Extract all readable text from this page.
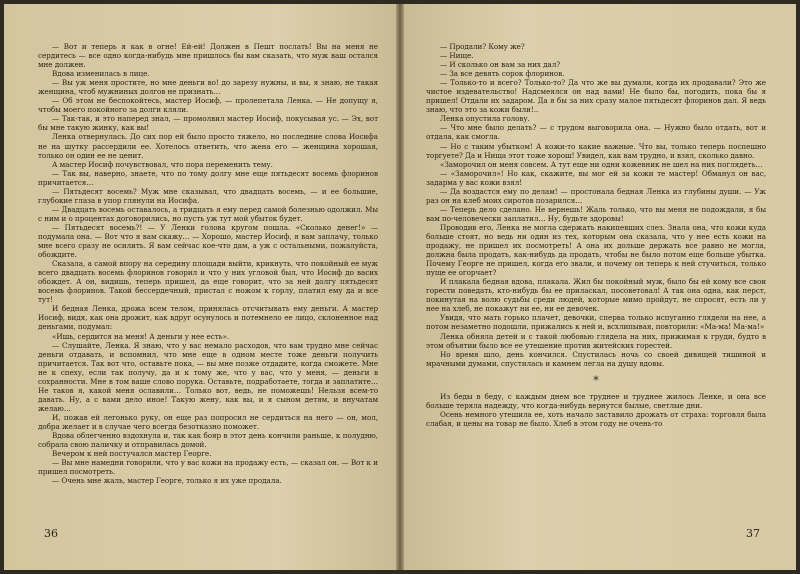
— Вот и теперь я как в огне! Ей-ей! Должен в Пешт послать! Вы на меня не сердитесь — все одно когда-нибудь мне пришлось бы вам сказать, что муж ваш остался мне должен.

Вдова изменилась в лице.

— Вы уж меня простите, но мне деньги во! до зарезу нужны, и вы, я знаю, не такая женщина, чтоб мужниных долгов не признать…

— Об этом не беспокойтесь, мастер Иосиф, — пролепетала Ленка. — Не допущу я, чтобы моего покойного за долги кляли.

— Так-так, и это наперед знал, — промолвил мастер Иосиф, покусывая ус. — Эх, вот бы мне такую жинку, как вы!

Ленка отвернулась. До сих пор ей было просто тяжело, но последние слова Иосифа не на шутку рассердили ее. Хотелось ответить, что жена его — женщина хорошая, только он один ее не ценит.

А мастер Иосиф почувствовал, что пора переменить тему.

— Так вы, наверно, знаете, что по тому долгу мне еще пятьдесят восемь флоринов причитается…

— Пятьдесят восемь? Муж мне сказывал, что двадцать восемь, — и ее большие, глубокие глаза в упор глянули на Иосифа.

— Двадцать восемь оставалось, а тридцать я ему перед самой болезнью одолжил. Мы с ним и о процентах договорились, но пусть уж тут мой убыток будет.

— Пятьдесят восемь?! — У Ленки голова кругом пошла. «Сколько денег!» — подумала она. — Вот что я вам скажу… — Хорошо, мастер Иосиф, я вам заплачу, только мне всего сразу не осилить. Я вам сейчас кое-что дам, а уж с остальными, пожалуйста, обождите.

Сказала, а самой впору на середину площади выйти, крикнуть, что покойный ее муж всего двадцать восемь флоринов говорил и что у них угловой был, что Иосиф до васих обождет. А он, видишь, теперь пришел, да еще говорит, что за ней долгу пятьдесят восемь флоринов. Такой бессердечный, пристал с ножом к горлу, платил ему да и все тут!

И бедная Ленка, дрожа всем телом, принялась отсчитывать ему деньги. А мастер Иосиф, видя, как она дрожит, как вдруг осунулось и потемнело ее лицо, склоненное над деньгами, подумал:

«Ишь, сердится на меня! А деньги у нее есть».

— Слушайте, Ленка. Я знаю, что у вас немало расходов, что вам трудно мне сейчас деньги отдавать, и вспомнил, что мне еще в одном месте тоже деньги получить причитается. Так вот что, оставьте пока, — вы мне позже отдадите, когда сможете. Мне не к спеху, если так получу, да и к тому же, что у вас, что у меня, — деньги в сохранности. Мне в том ваше слово порука. Оставьте, подработаете, тогда и заплатите… Не таков я, какой меня ославили… Только вот, ведь, не поможешь! Нельзя всем-то давать. Ну, а с вами дело иное! Такую жену, как вы, и я сыном детям, и внучатам желаю…

И, пожав ей легонько руку, он еще раз попросил не сердиться на него — он, мол, добра желает и в случае чего всегда безотказно поможет.

Вдова облегченно вздохнула и, так как бояр в этот день кончили раньше, к полудню, собрала свою паличку и отправилась домой.

Вечером к ней постучался мастер Георге.

— Вы мне намедни говорили, что у вас кожи на продажу есть, — сказал он. — Вот к и пришел посмотреть.

— Очень мне жаль, мастер Георге, только я их уже продала.

36

— Продали? Кому же?

— Нище.

— И сколько он вам за них дал?

— За все девять сорок флоринов.

— Только-то и всего? Только-то? Да что же вы думали, когда их продавали? Это же чистое издевательство! Надсмеялся он над вами! Не было бы, погодить, пока бы я пришел! Отдали их задаром. Да я бы за них сразу малое пятьдесят флоринов дал. Я ведь знаю, что это за кожи были!..

Ленка опустила голову.

— Что мне было делать? — с трудом выговорила она. — Нужно было отдать, вот и отдала, как смогла.

— Но с таким убытком! А кожи-то какие важные. Что вы, только теперь поспешно торгуете? Да и Нища этот тоже хорош! Увидел, как вам трудно, и взял, сколько давно.

«Заморочил он меня совсем. А тут еще ни одни кожевник не шел на них поглядеть…

— «Заморочил»! Но как, скажите, вы мог ей за кожи те мастер! Обманул он вас, задарма у вас кожи взял!

— Да воздастся ему по делам! — простонала бедная Ленка из глубины души. — Уж раз он на клеб моих сиротов позарился…

— Теперь дело сделано. Не вернешь! Жаль только, что вы меня не подождали, я бы вам по-человечески заплатил… Ну, будьте здоровы!

Проводив его, Ленка не могла сдержать накипевших слез. Знала она, что кожи куда больше стоят, но ведь ни один из тех, которым она сказала, что у нее есть кожи на продажу, не пришел их посмотреть! А она их дольше держать все равно не могла, должна была продать, как-нибудь да продать, чтобы не было потом еще больше убытка. Почему Георге не пришел, когда его звали, и почему он теперь к ней стучиться, только пуще ее огорчает?

И плакала бедная вдова, плакала. Жил бы покойный муж, было бы ей кому все свои горести поведать, кто-нибудь бы ее приласкал, посоветовал! А так она одна, как перст, покинутая на волю судьбы среди людей, которые мимо пройдут, не спросят, есть ли у нее на хлеб, не покажут ни ее, ни ее девочек.

Увидя, что мать горько плачет, девочки, сперва только испуганно глядели на нее, а потом незаметно подошли, прижались к ней и, всхлипывая, повторили: «Ма-ма! Ма-ма!»

Ленка обняла детей и с такой любовью глядела на них, прижимая к груди, будто в этом объятии было все ее утешение против житейских горестей.

Но время шло, день кончился. Спустилась ночь со своей дивящей тишиной и мрачными думами, спустилась и камнем легла на душу вдовы.

*

Из беды в беду, с каждым днем все труднее и труднее жилось Ленке, и она все больше теряла надежду, что когда-нибудь вернутся былые, светлые дни.

Осень немного утешила ее, хоть начало заставило дрожать от страха: торговля была слабая, и цены на товар не было. Хлеб в этом году не очень-то

37
